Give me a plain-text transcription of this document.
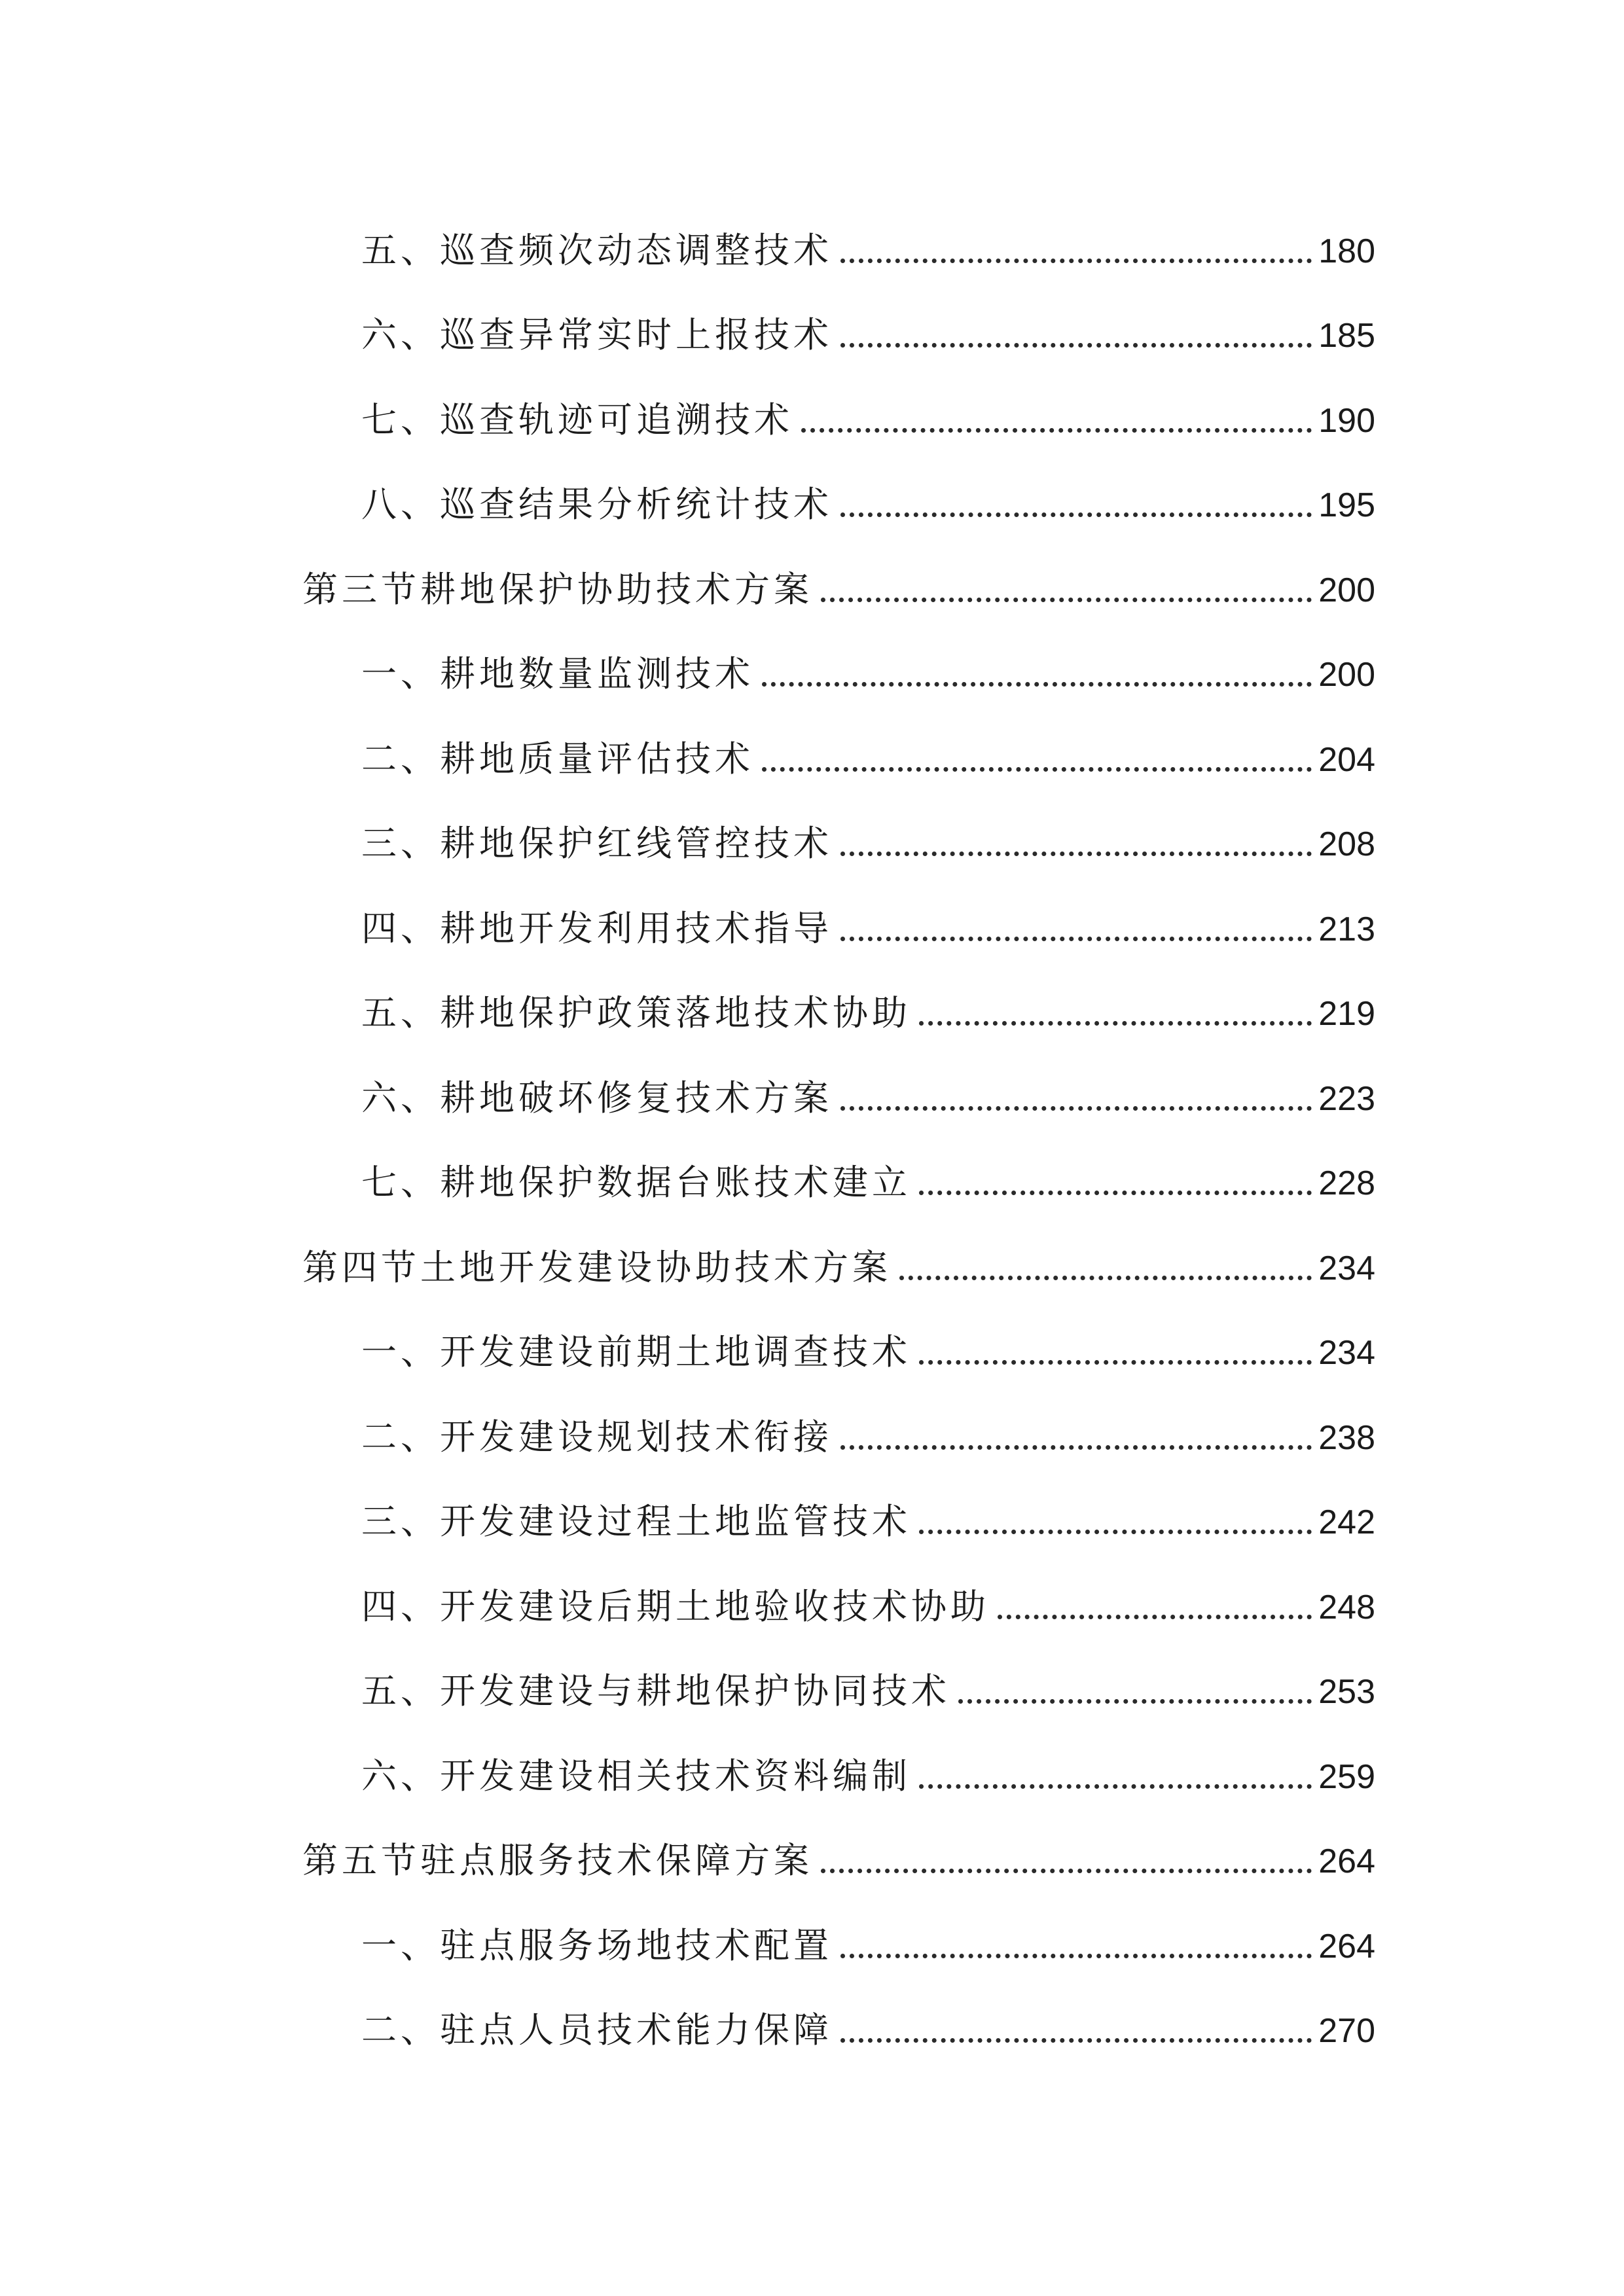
五、巡查频次动态调整技术	180
六、巡查异常实时上报技术	185
七、巡查轨迹可追溯技术	190
八、巡查结果分析统计技术	195
第三节耕地保护协助技术方案	200
一、耕地数量监测技术	200
二、耕地质量评估技术	204
三、耕地保护红线管控技术	208
四、耕地开发利用技术指导	213
五、耕地保护政策落地技术协助	219
六、耕地破坏修复技术方案	223
七、耕地保护数据台账技术建立	228
第四节土地开发建设协助技术方案	234
一、开发建设前期土地调查技术	234
二、开发建设规划技术衔接	238
三、开发建设过程土地监管技术	242
四、开发建设后期土地验收技术协助	248
五、开发建设与耕地保护协同技术	253
六、开发建设相关技术资料编制	259
第五节驻点服务技术保障方案	264
一、驻点服务场地技术配置	264
二、驻点人员技术能力保障	270
